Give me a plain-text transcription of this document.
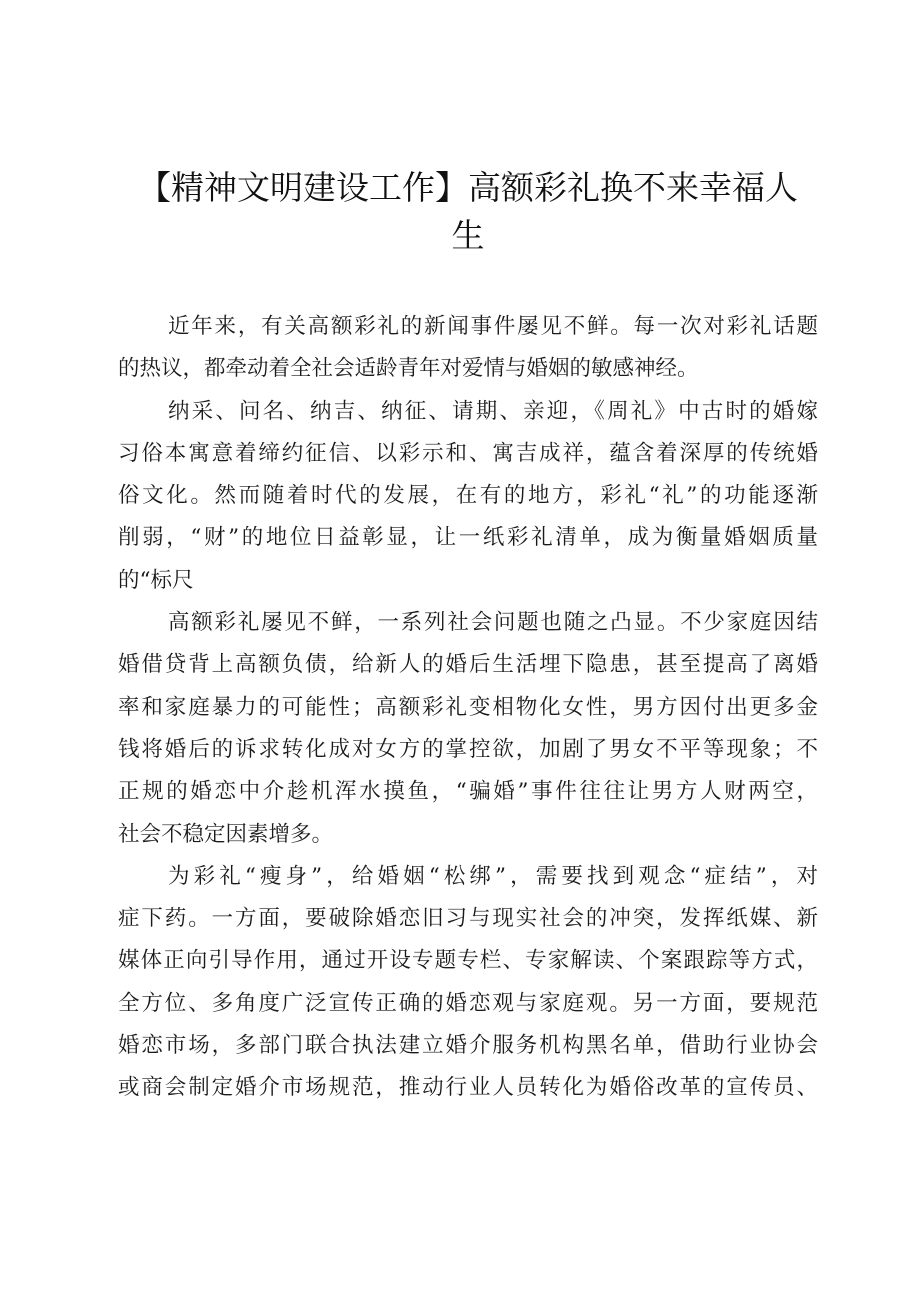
【精神文明建设工作】高额彩礼换不来幸福人
生
近年来，有关高额彩礼的新闻事件屡见不鲜。每一次对彩礼话题
的热议，都牵动着全社会适龄青年对爱情与婚姻的敏感神经。
纳采、问名、纳吉、纳征、请期、亲迎，《周礼》中古时的婚嫁
习俗本寓意着缔约征信、以彩示和、寓吉成祥，蕴含着深厚的传统婚
俗文化。然而随着时代的发展，在有的地方，彩礼“礼”的功能逐渐
削弱，“财”的地位日益彰显，让一纸彩礼清单，成为衡量婚姻质量
的“标尺
高额彩礼屡见不鲜，一系列社会问题也随之凸显。不少家庭因结
婚借贷背上高额负债，给新人的婚后生活埋下隐患，甚至提高了离婚
率和家庭暴力的可能性；高额彩礼变相物化女性，男方因付出更多金
钱将婚后的诉求转化成对女方的掌控欲，加剧了男女不平等现象；不
正规的婚恋中介趁机浑水摸鱼，“骗婚”事件往往让男方人财两空，
社会不稳定因素增多。
为彩礼“瘦身”，给婚姻“松绑”，需要找到观念“症结”，对
症下药。一方面，要破除婚恋旧习与现实社会的冲突，发挥纸媒、新
媒体正向引导作用，通过开设专题专栏、专家解读、个案跟踪等方式，
全方位、多角度广泛宣传正确的婚恋观与家庭观。另一方面，要规范
婚恋市场，多部门联合执法建立婚介服务机构黑名单，借助行业协会
或商会制定婚介市场规范，推动行业人员转化为婚俗改革的宣传员、
